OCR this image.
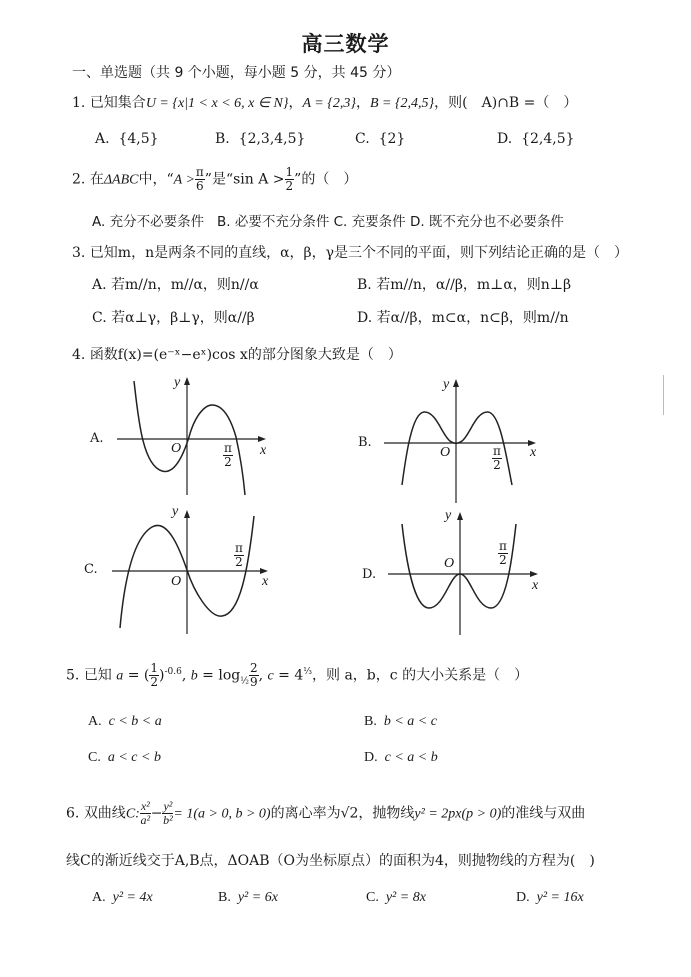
高三数学
一、单选题（共 9 个小题，每小题 5 分，共 45 分）
1. 已知集合U = {x|1 < x < 6, x ∈ N}，A = {2,3}，B = {2,4,5}，则(　A)∩B =（　）
A. {4,5}	B. {2,3,4,5}	C. {2}	D. {2,4,5}
2. 在ΔABC中，“$A > \frac{\pi}{6}$ ”是“sin $A > \frac{1}{2}$ ”的（　）
A. 充分不必要条件 B. 必要不充分条件 C. 充要条件 D. 既不充分也不必要条件
3. 已知m，n是两条不同的直线，α，β，γ是三个不同的平面，则下列结论正确的是（　）
A. 若m//n，m//α，则n//α	B. 若m//n，α//β，m⊥α，则n⊥β
C. 若α⊥γ，β⊥γ，则α//β	D. 若α//β，m⊂α，n⊂β，则m//n
4. 函数f(x)=(e⁻ˣ−eˣ)cos x的部分图象大致是（　）
A.
y
x
O	$\frac{\pi}{2}$	B.
y
x
O	$\frac{\pi}{2}$
C.
y
x
O
$\frac{\pi}{2}$
D.
y
x
O	$\frac{\pi}{2}$
5. 已知 a = ( $\frac{1}{2} )^{-0.6}$, $b = \log_{\frac{1}{2}} \frac{2}{9}$ , $c = 4^{\frac{1}{3}}$，则 a，b，c 的大小关系是（　）
A. c < b < a	B. b < a < c
C. a < c < b	D. c < a < b
6. 双曲线C: $\frac{\text{x²}}{\text{a²}} - \frac{\text{y²}}{\text{b²}} = 1(a > 0$, b > 0)的离心率为√2，抛物线y² = 2px(p > 0)的准线与双曲
线C的渐近线交于A,B点，ΔOAB（O为坐标原点）的面积为4，则抛物线的方程为(　)
A. y² = 4x	B. y² = 6x	C. y² = 8x	D. y² = 16x
